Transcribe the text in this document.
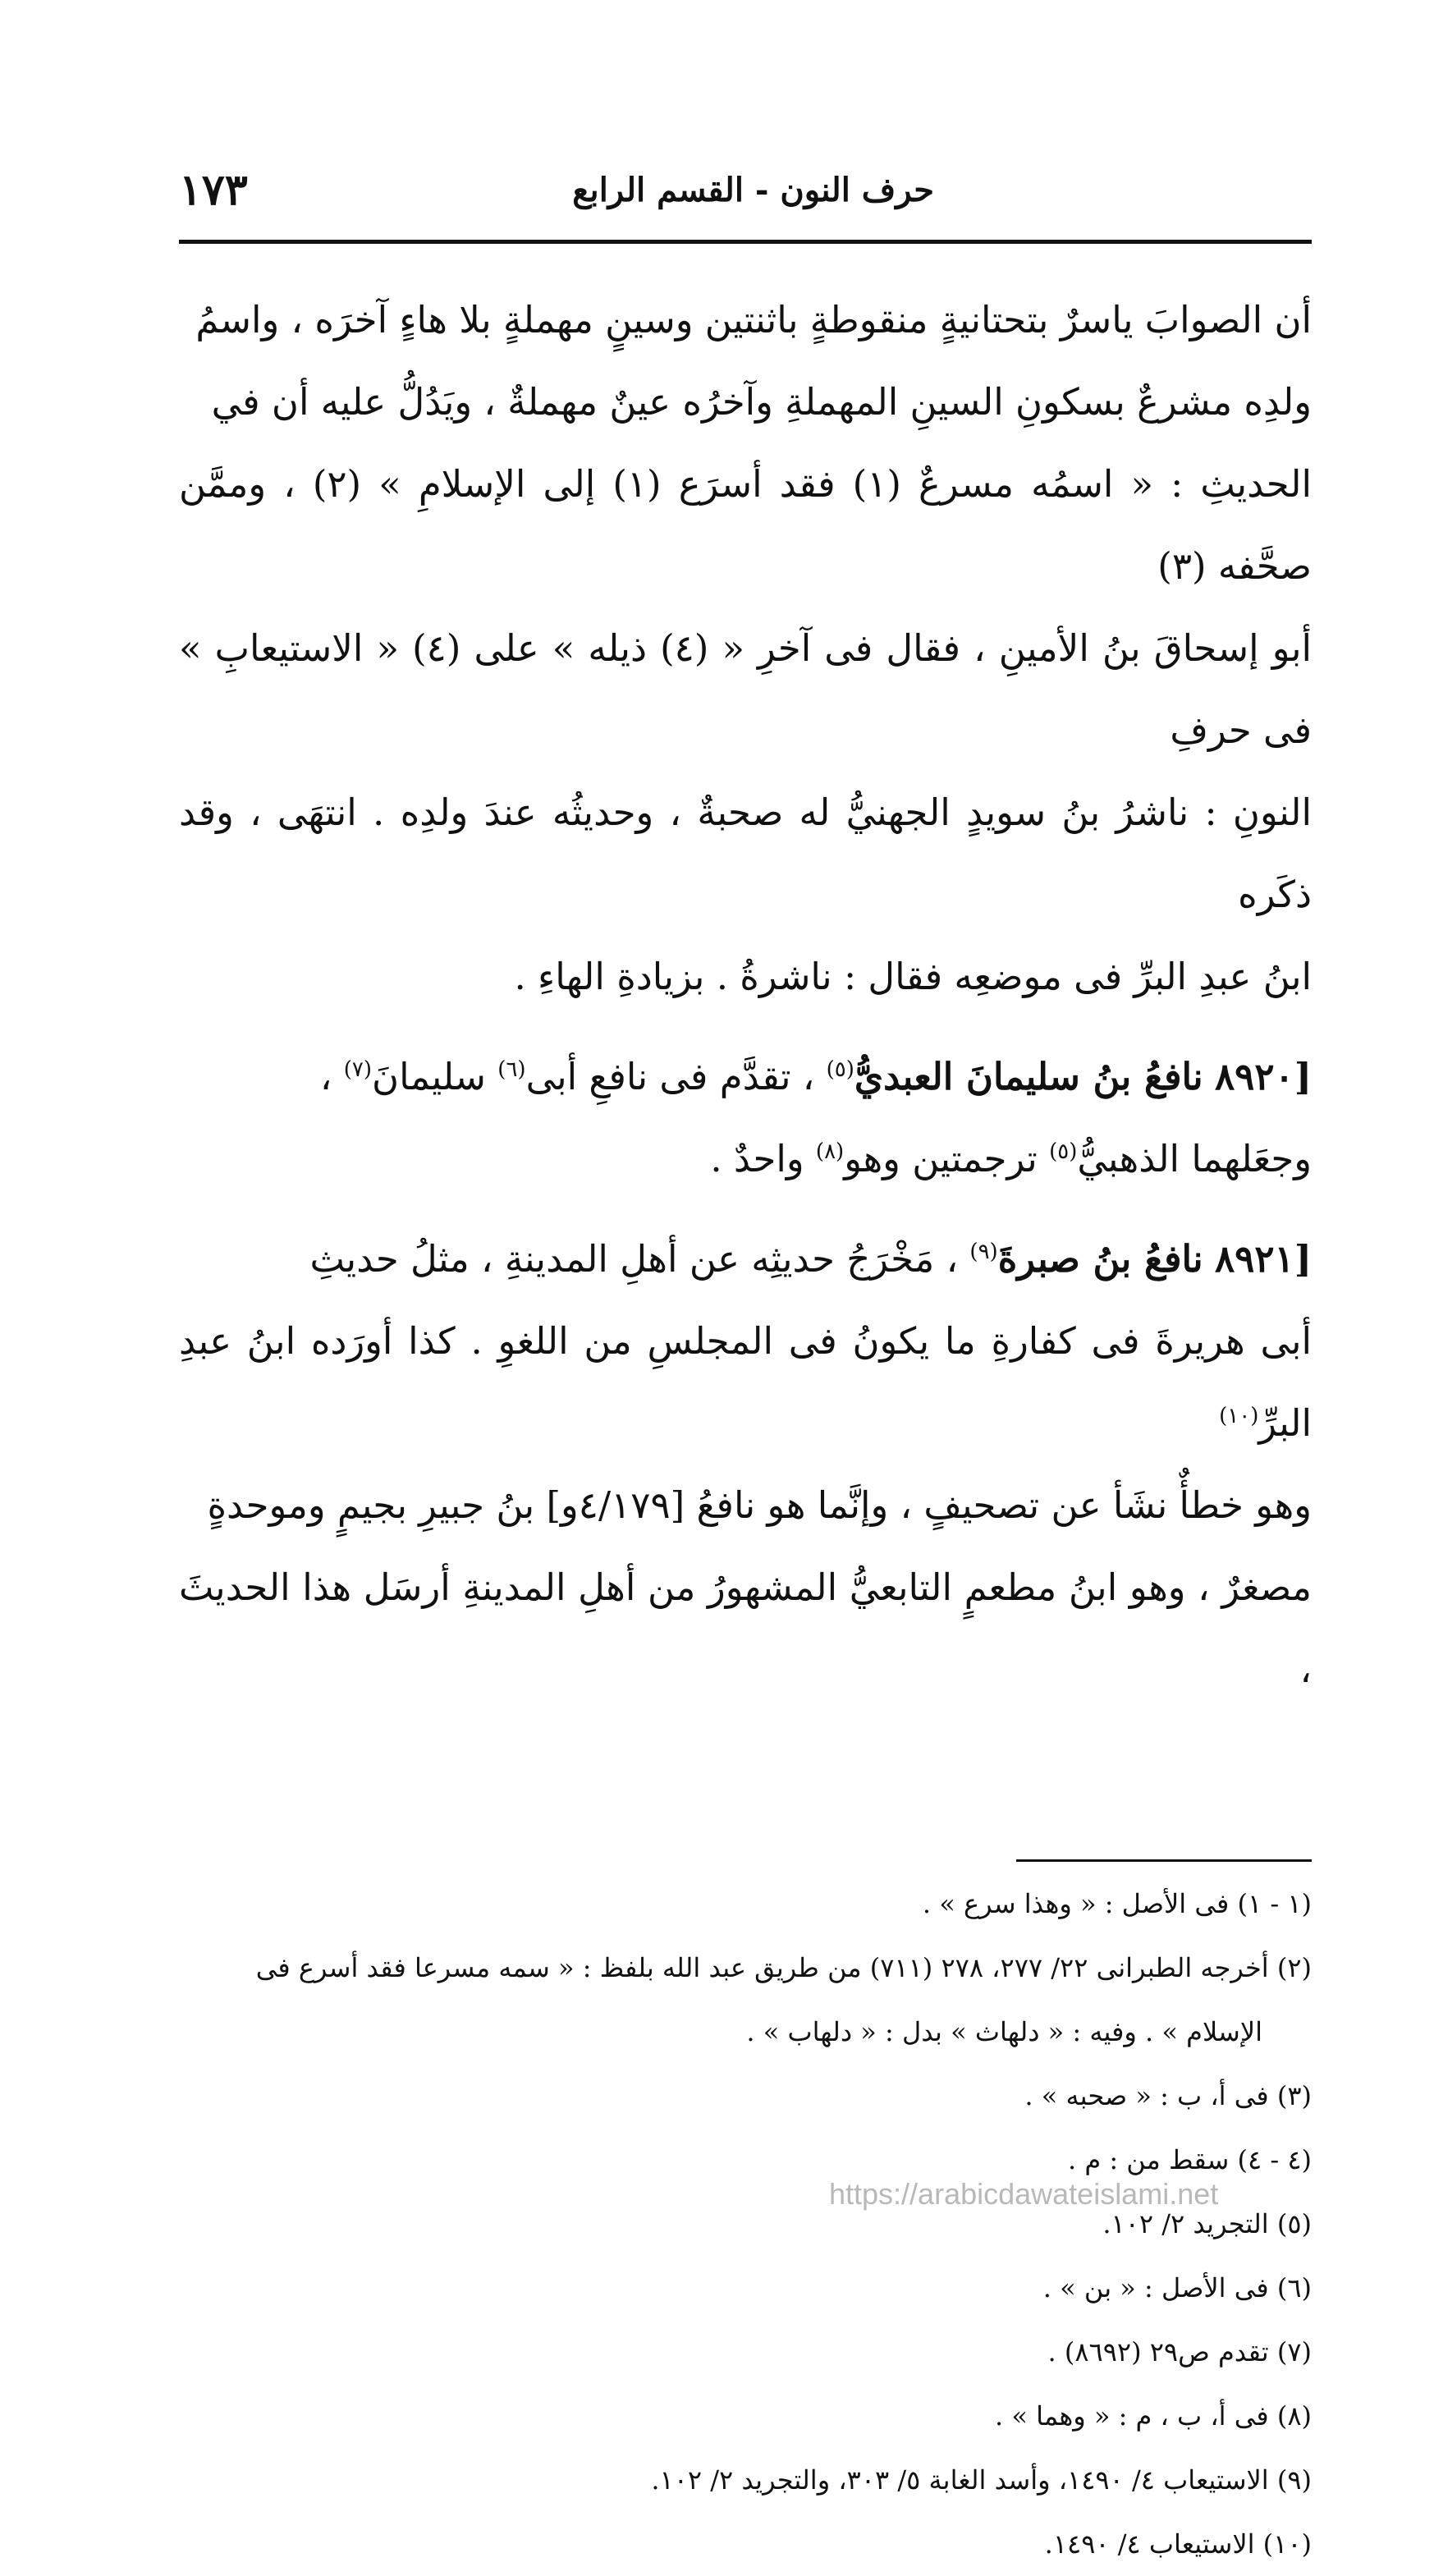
١٧٣	حرف النون - القسم الرابع

أن الصوابَ ياسرٌ بتحتانيةٍ منقوطةٍ باثنتين وسينٍ مهملةٍ بلا هاءٍ آخرَه ، واسمُ

ولدِه مشرعٌ بسكونِ السينِ المهملةِ وآخرُه عينٌ مهملةٌ ، ويَدُلُّ عليه أن في

الحديثِ : « اسمُه مسرعٌ (١) فقد أسرَع (١) إلى الإسلامِ » (٢) ، وممَّن صحَّفه (٣)

أبو إسحاقَ بنُ الأمينِ ، فقال فى آخرِ « (٤) ذيله » على (٤) « الاستيعابِ » فى حرفِ

النونِ : ناشرُ بنُ سويدٍ الجهنيُّ له صحبةٌ ، وحديثُه عندَ ولدِه . انتهَى ، وقد ذكَره

ابنُ عبدِ البرِّ فى موضعِه فقال : ناشرةُ . بزيادةِ الهاءِ .

[٨٩٢٠ نافعُ بنُ سليمانَ العبديُّ$^{(٥)}$ ، تقدَّم فى نافعِ أبى$^{(٦)}$ سليمانَ$^{(٧)}$ ،

وجعَلهما الذهبيُّ$^{(٥)}$ ترجمتين وهو$^{(٨)}$ واحدٌ .

[٨٩٢١ نافعُ بنُ صبرةَ$^{(٩)}$ ، مَخْرَجُ حديثِه عن أهلِ المدينةِ ، مثلُ حديثِ

أبى هريرةَ فى كفارةِ ما يكونُ فى المجلسِ من اللغوِ . كذا أورَده ابنُ عبدِ البرِّ$^{(١٠)}$

وهو خطأٌ نشَأ عن تصحيفٍ ، وإنَّما هو نافعُ [٤/١٧٩و] بنُ جبيرِ بجيمٍ وموحدةٍ

مصغرٌ ، وهو ابنُ مطعمٍ التابعيُّ المشهورُ من أهلِ المدينةِ أرسَل هذا الحديثَ ،

(١ - ١) فى الأصل : « وهذا سرع » .
(٢) أخرجه الطبرانى ٢٢/ ٢٧٧، ٢٧٨ (٧١١) من طريق عبد الله بلفظ : « سمه مسرعا فقد أسرع فى
الإسلام » . وفيه : « دلهاث » بدل : « دلهاب » .
(٣) فى أ، ب : « صحبه » .
(٤ - ٤) سقط من : م .
(٥) التجريد ٢/ ١٠٢.
(٦) فى الأصل : « بن » .
(٧) تقدم ص٢٩ (٨٦٩٢) .
(٨) فى أ، ب ، م : « وهما » .
(٩) الاستيعاب ٤/ ١٤٩٠، وأسد الغابة ٥/ ٣٠٣، والتجريد ٢/ ١٠٢.
(١٠) الاستيعاب ٤/ ١٤٩٠.
https://arabicdawateislami.net
